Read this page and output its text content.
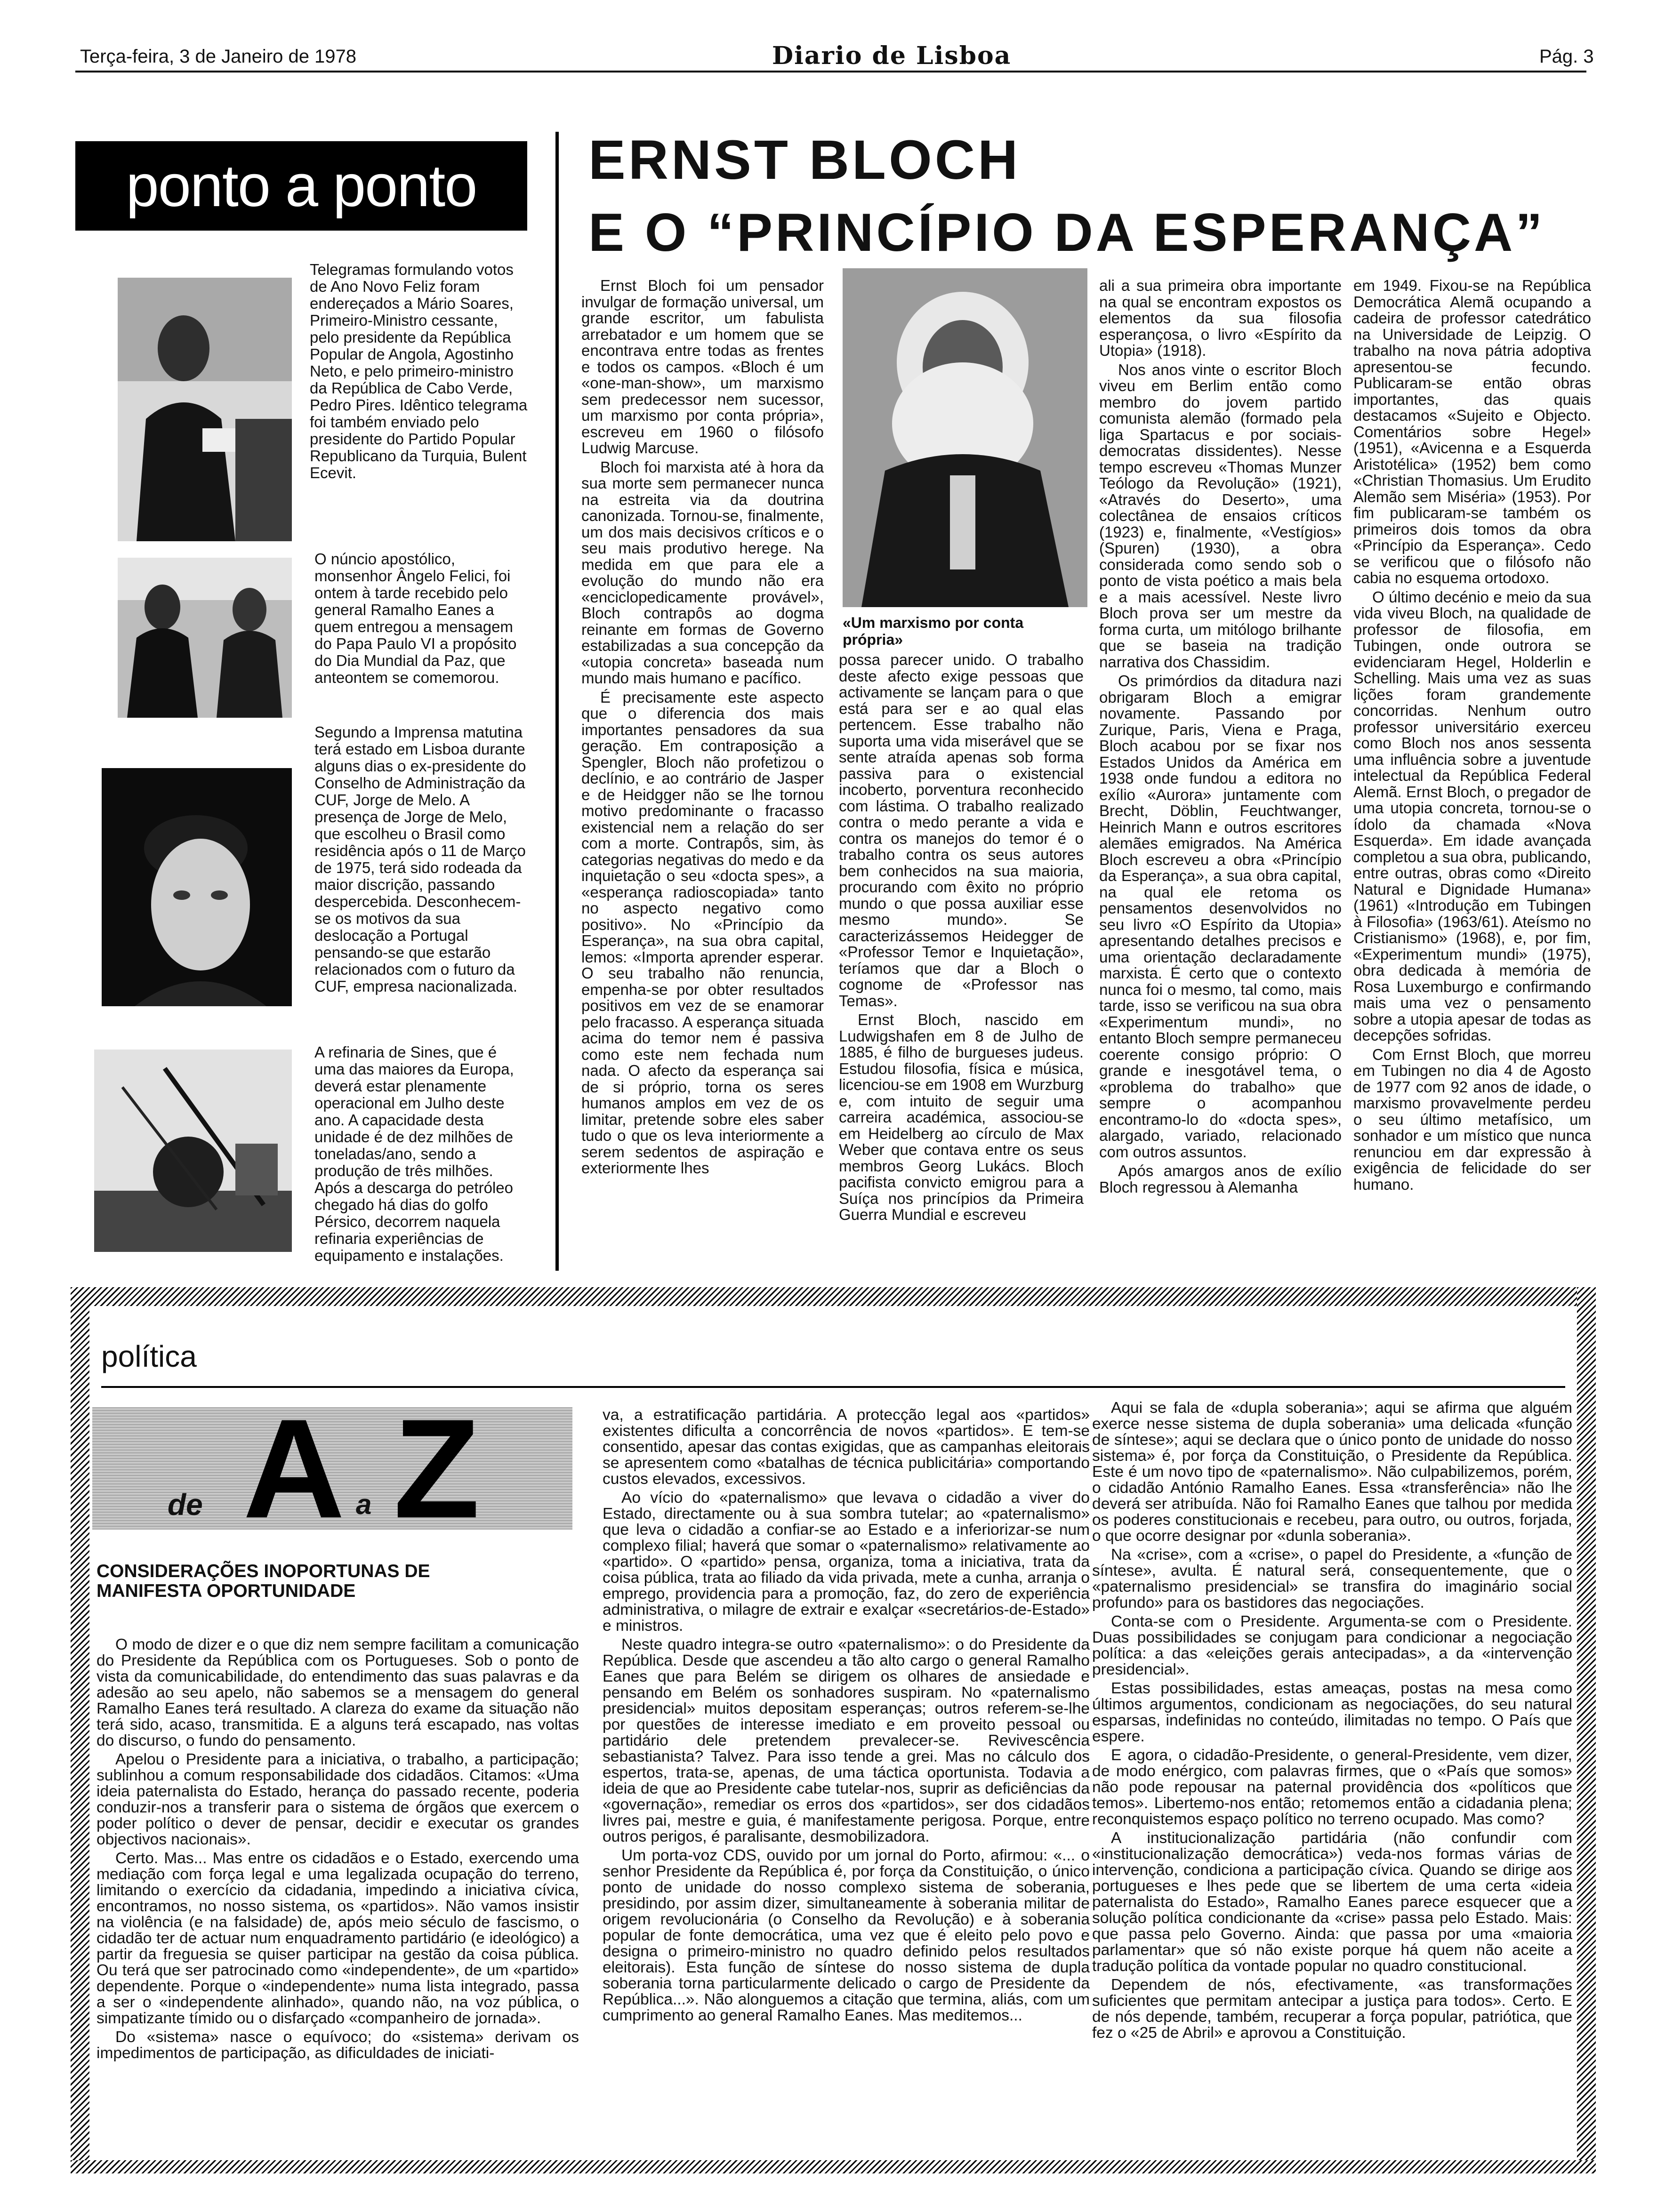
Terça-feira, 3 de Janeiro de 1978	Diario de Lisboa	Pág. 3
ponto a ponto
Telegramas formulando votos de Ano Novo Feliz foram endereçados a Mário Soares, Primeiro-Ministro cessante, pelo presidente da República Popular de Angola, Agostinho Neto, e pelo primeiro-ministro da República de Cabo Verde, Pedro Pires. Idêntico telegrama foi também enviado pelo presidente do Partido Popular Republicano da Turquia, Bulent Ecevit.
O núncio apostólico, monsenhor Ângelo Felici, foi ontem à tarde recebido pelo general Ramalho Eanes a quem entregou a mensagem do Papa Paulo VI a propósito do Dia Mundial da Paz, que anteontem se comemorou.
Segundo a Imprensa matutina terá estado em Lisboa durante alguns dias o ex-presidente do Conselho de Administração da CUF, Jorge de Melo. A presença de Jorge de Melo, que escolheu o Brasil como residência após o 11 de Março de 1975, terá sido rodeada da maior discrição, passando despercebida. Desconhecem-se os motivos da sua deslocação a Portugal pensando-se que estarão relacionados com o futuro da CUF, empresa nacionalizada.
A refinaria de Sines, que é uma das maiores da Europa, deverá estar plenamente operacional em Julho deste ano. A capacidade desta unidade é de dez milhões de toneladas/ano, sendo a produção de três milhões. Após a descarga do petróleo chegado há dias do golfo Pérsico, decorrem naquela refinaria experiências de equipamento e instalações.
ERNST BLOCH
E O “PRINCÍPIO DA ESPERANÇA”

Ernst Bloch foi um pensador invulgar de formação universal, um grande escritor, um fabulista arrebatador e um homem que se encontrava entre todas as frentes e todos os campos. «Bloch é um «one-man-show», um marxismo sem predecessor nem sucessor, um marxismo por conta própria», escreveu em 1960 o filósofo Ludwig Marcuse.

Bloch foi marxista até à hora da sua morte sem permanecer nunca na estreita via da doutrina canonizada. Tornou-se, finalmente, um dos mais decisivos críticos e o seu mais produtivo herege. Na medida em que para ele a evolução do mundo não era «enciclopedicamente provável», Bloch contrapôs ao dogma reinante em formas de Governo estabilizadas a sua concepção da «utopia concreta» baseada num mundo mais humano e pacífico.

É precisamente este aspecto que o diferencia dos mais importantes pensadores da sua geração. Em contraposição a Spengler, Bloch não profetizou o declínio, e ao contrário de Jasper e de Heidgger não se lhe tornou motivo predominante o fracasso existencial nem a relação do ser com a morte. Contrapôs, sim, às categorias negativas do medo e da inquietação o seu «docta spes», a «esperança radioscopiada» tanto no aspecto negativo como positivo». No «Princípio da Esperança», na sua obra capital, lemos: «Importa aprender esperar. O seu trabalho não renuncia, empenha-se por obter resultados positivos em vez de se enamorar pelo fracasso. A esperança situada acima do temor nem é passiva como este nem fechada num nada. O afecto da esperança sai de si próprio, torna os seres humanos amplos em vez de os limitar, pretende sobre eles saber tudo o que os leva interiormente a serem sedentos de aspiração e exteriormente lhes

«Um marxismo por conta própria»

possa parecer unido. O trabalho deste afecto exige pessoas que activamente se lançam para o que está para ser e ao qual elas pertencem. Esse trabalho não suporta uma vida miserável que se sente atraída apenas sob forma passiva para o existencial incoberto, porventura reconhecido com lástima. O trabalho realizado contra o medo perante a vida e contra os manejos do temor é o trabalho contra os seus autores bem conhecidos na sua maioria, procurando com êxito no próprio mundo o que possa auxiliar esse mesmo mundo». Se caracterizássemos Heidegger de «Professor Temor e Inquietação», teríamos que dar a Bloch o cognome de «Professor nas Temas».

Ernst Bloch, nascido em Ludwigshafen em 8 de Julho de 1885, é filho de burgueses judeus. Estudou filosofia, física e música, licenciou-se em 1908 em Wurzburg e, com intuito de seguir uma carreira académica, associou-se em Heidelberg ao círculo de Max Weber que contava entre os seus membros Georg Lukács. Bloch pacifista convicto emigrou para a Suíça nos princípios da Primeira Guerra Mundial e escreveu

ali a sua primeira obra importante na qual se encontram expostos os elementos da sua filosofia esperançosa, o livro «Espírito da Utopia» (1918).

Nos anos vinte o escritor Bloch viveu em Berlim então como membro do jovem partido comunista alemão (formado pela liga Spartacus e por sociais-democratas dissidentes). Nesse tempo escreveu «Thomas Munzer Teólogo da Revolução» (1921), «Através do Deserto», uma colectânea de ensaios críticos (1923) e, finalmente, «Vestígios» (Spuren) (1930), a obra considerada como sendo sob o ponto de vista poético a mais bela e a mais acessível. Neste livro Bloch prova ser um mestre da forma curta, um mitólogo brilhante que se baseia na tradição narrativa dos Chassidim.

Os primórdios da ditadura nazi obrigaram Bloch a emigrar novamente. Passando por Zurique, Paris, Viena e Praga, Bloch acabou por se fixar nos Estados Unidos da América em 1938 onde fundou a editora no exílio «Aurora» juntamente com Brecht, Döblin, Feuchtwanger, Heinrich Mann e outros escritores alemães emigrados. Na América Bloch escreveu a obra «Princípio da Esperança», a sua obra capital, na qual ele retoma os pensamentos desenvolvidos no seu livro «O Espírito da Utopia» apresentando detalhes precisos e uma orientação declaradamente marxista. É certo que o contexto nunca foi o mesmo, tal como, mais tarde, isso se verificou na sua obra «Experimentum mundi», no entanto Bloch sempre permaneceu coerente consigo próprio: O grande e inesgotável tema, o «problema do trabalho» que sempre o acompanhou encontramo-lo do «docta spes», alargado, variado, relacionado com outros assuntos.

Após amargos anos de exílio Bloch regressou à Alemanha

em 1949. Fixou-se na República Democrática Alemã ocupando a cadeira de professor catedrático na Universidade de Leipzig. O trabalho na nova pátria adoptiva apresentou-se fecundo. Publicaram-se então obras importantes, das quais destacamos «Sujeito e Objecto. Comentários sobre Hegel» (1951), «Avicenna e a Esquerda Aristotélica» (1952) bem como «Christian Thomasius. Um Erudito Alemão sem Miséria» (1953). Por fim publicaram-se também os primeiros dois tomos da obra «Princípio da Esperança». Cedo se verificou que o filósofo não cabia no esquema ortodoxo.

O último decénio e meio da sua vida viveu Bloch, na qualidade de professor de filosofia, em Tubingen, onde outrora se evidenciaram Hegel, Holderlin e Schelling. Mais uma vez as suas lições foram grandemente concorridas. Nenhum outro professor universitário exerceu como Bloch nos anos sessenta uma influência sobre a juventude intelectual da República Federal Alemã. Ernst Bloch, o pregador de uma utopia concreta, tornou-se o ídolo da chamada «Nova Esquerda». Em idade avançada completou a sua obra, publicando, entre outras, obras como «Direito Natural e Dignidade Humana» (1961) «Introdução em Tubingen à Filosofia» (1963/61). Ateísmo no Cristianismo» (1968), e, por fim, «Experimentum mundi» (1975), obra dedicada à memória de Rosa Luxemburgo e confirmando mais uma vez o pensamento sobre a utopia apesar de todas as decepções sofridas.

Com Ernst Bloch, que morreu em Tubingen no dia 4 de Agosto de 1977 com 92 anos de idade, o marxismo provavelmente perdeu o seu último metafísico, um sonhador e um místico que nunca renunciou em dar expressão à exigência de felicidade do ser humano.

política
de A a Z
CONSIDERAÇÕES INOPORTUNAS DE MANIFESTA OPORTUNIDADE

O modo de dizer e o que diz nem sempre facilitam a comunicação do Presidente da República com os Portugueses. Sob o ponto de vista da comunicabilidade, do entendimento das suas palavras e da adesão ao seu apelo, não sabemos se a mensagem do general Ramalho Eanes terá resultado. A clareza do exame da situação não terá sido, acaso, transmitida. E a alguns terá escapado, nas voltas do discurso, o fundo do pensamento.

Apelou o Presidente para a iniciativa, o trabalho, a participação; sublinhou a comum responsabilidade dos cidadãos. Citamos: «Uma ideia paternalista do Estado, herança do passado recente, poderia conduzir-nos a transferir para o sistema de órgãos que exercem o poder político o dever de pensar, decidir e executar os grandes objectivos nacionais».

Certo. Mas... Mas entre os cidadãos e o Estado, exercendo uma mediação com força legal e uma legalizada ocupação do terreno, limitando o exercício da cidadania, impedindo a iniciativa cívica, encontramos, no nosso sistema, os «partidos». Não vamos insistir na violência (e na falsidade) de, após meio século de fascismo, o cidadão ter de actuar num enquadramento partidário (e ideológico) a partir da freguesia se quiser participar na gestão da coisa pública. Ou terá que ser patrocinado como «independente», de um «partido» dependente. Porque o «independente» numa lista integrado, passa a ser o «independente alinhado», quando não, na voz pública, o simpatizante tímido ou o disfarçado «companheiro de jornada».

Do «sistema» nasce o equívoco; do «sistema» derivam os impedimentos de participação, as dificuldades de iniciati-

va, a estratificação partidária. A protecção legal aos «partidos» existentes dificulta a concorrência de novos «partidos». E tem-se consentido, apesar das contas exigidas, que as campanhas eleitorais se apresentem como «batalhas de técnica publicitária» comportando custos elevados, excessivos.

Ao vício do «paternalismo» que levava o cidadão a viver do Estado, directamente ou à sua sombra tutelar; ao «paternalismo» que leva o cidadão a confiar-se ao Estado e a inferiorizar-se num complexo filial; haverá que somar o «paternalismo» relativamente ao «partido». O «partido» pensa, organiza, toma a iniciativa, trata da coisa pública, trata ao filiado da vida privada, mete a cunha, arranja o emprego, providencia para a promoção, faz, do zero de experiência administrativa, o milagre de extrair e exalçar «secretários-de-Estado» e ministros.

Neste quadro integra-se outro «paternalismo»: o do Presidente da República. Desde que ascendeu a tão alto cargo o general Ramalho Eanes que para Belém se dirigem os olhares de ansiedade e pensando em Belém os sonhadores suspiram. No «paternalismo presidencial» muitos depositam esperanças; outros referem-se-lhe por questões de interesse imediato e em proveito pessoal ou partidário dele pretendem prevalecer-se. Revivescência sebastianista? Talvez. Para isso tende a grei. Mas no cálculo dos espertos, trata-se, apenas, de uma táctica oportunista. Todavia a ideia de que ao Presidente cabe tutelar-nos, suprir as deficiências da «governação», remediar os erros dos «partidos», ser dos cidadãos livres pai, mestre e guia, é manifestamente perigosa. Porque, entre outros perigos, é paralisante, desmobilizadora.

Um porta-voz CDS, ouvido por um jornal do Porto, afirmou: «... o senhor Presidente da República é, por força da Constituição, o único ponto de unidade do nosso complexo sistema de soberania, presidindo, por assim dizer, simultaneamente à soberania militar de origem revolucionária (o Conselho da Revolução) e à soberania popular de fonte democrática, uma vez que é eleito pelo povo e designa o primeiro-ministro no quadro definido pelos resultados eleitorais). Esta função de síntese do nosso sistema de dupla soberania torna particularmente delicado o cargo de Presidente da República...». Não alonguemos a citação que termina, aliás, com um cumprimento ao general Ramalho Eanes. Mas meditemos...

Aqui se fala de «dupla soberania»; aqui se afirma que alguém exerce nesse sistema de dupla soberania» uma delicada «função de síntese»; aqui se declara que o único ponto de unidade do nosso sistema» é, por força da Constituição, o Presidente da República. Este é um novo tipo de «paternalismo». Não culpabilizemos, porém, o cidadão António Ramalho Eanes. Essa «transferência» não lhe deverá ser atribuída. Não foi Ramalho Eanes que talhou por medida os poderes constitucionais e recebeu, para outro, ou outros, forjada, o que ocorre designar por «dunla soberania».

Na «crise», com a «crise», o papel do Presidente, a «função de síntese», avulta. É natural será, consequentemente, que o «paternalismo presidencial» se transfira do imaginário social profundo» para os bastidores das negociações.

Conta-se com o Presidente. Argumenta-se com o Presidente. Duas possibilidades se conjugam para condicionar a negociação política: a das «eleições gerais antecipadas», a da «intervenção presidencial».

Estas possibilidades, estas ameaças, postas na mesa como últimos argumentos, condicionam as negociações, do seu natural esparsas, indefinidas no conteúdo, ilimitadas no tempo. O País que espere.

E agora, o cidadão-Presidente, o general-Presidente, vem dizer, de modo enérgico, com palavras firmes, que o «País que somos» não pode repousar na paternal providência dos «políticos que temos». Libertemo-nos então; retomemos então a cidadania plena; reconquistemos espaço político no terreno ocupado. Mas como?

A institucionalização partidária (não confundir com «institucionalização democrática») veda-nos formas várias de intervenção, condiciona a participação cívica. Quando se dirige aos portugueses e lhes pede que se libertem de uma certa «ideia paternalista do Estado», Ramalho Eanes parece esquecer que a solução política condicionante da «crise» passa pelo Estado. Mais: que passa pelo Governo. Ainda: que passa por uma «maioria parlamentar» que só não existe porque há quem não aceite a tradução política da vontade popular no quadro constitucional.

Dependem de nós, efectivamente, «as transformações suficientes que permitam antecipar a justiça para todos». Certo. E de nós depende, também, recuperar a força popular, patriótica, que fez o «25 de Abril» e aprovou a Constituição.
